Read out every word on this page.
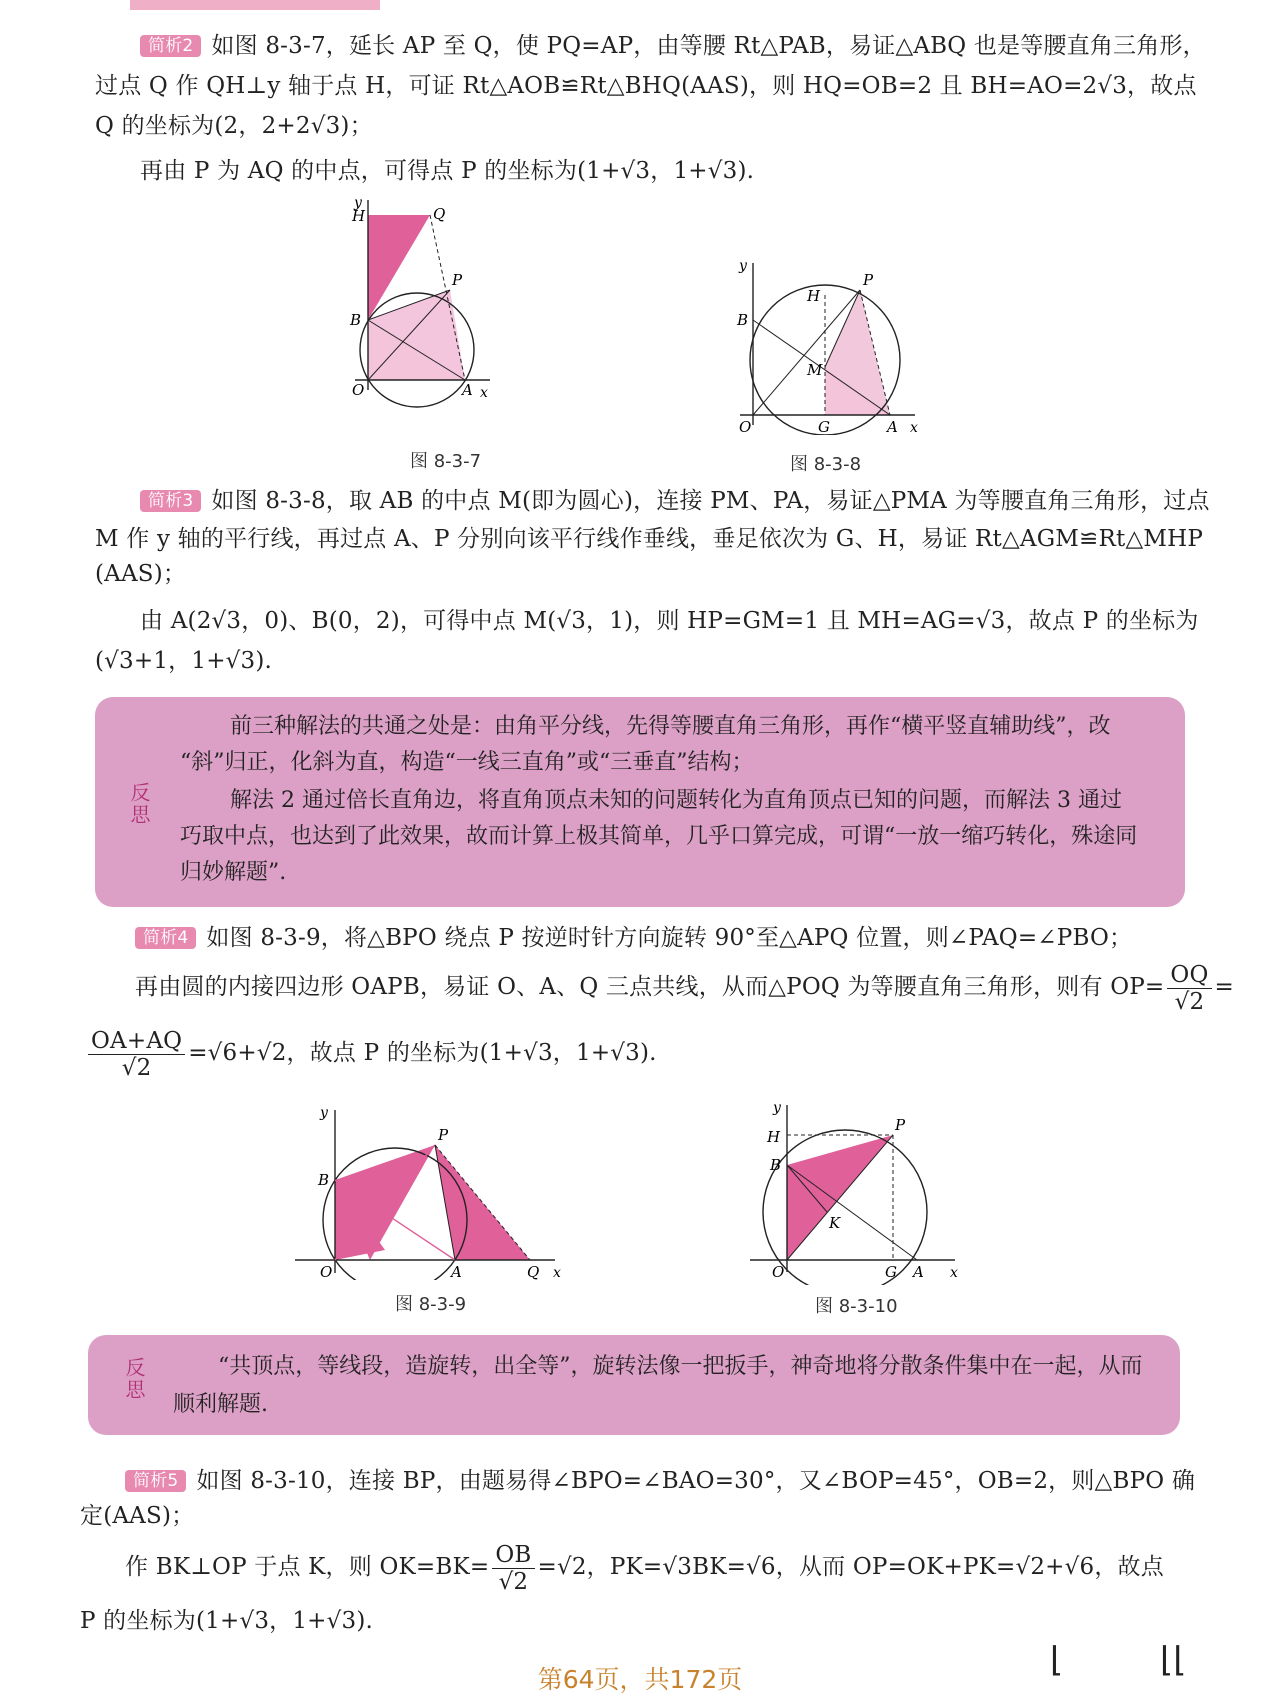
简析2 如图 8-3-7，延长 AP 至 Q，使 PQ=AP，由等腰 Rt△PAB，易证△ABQ 也是等腰直角三角形，
过点 Q 作 QH⊥y 轴于点 H，可证 Rt△AOB≌Rt△BHQ(AAS)，则 HQ=OB=2 且 BH=AO=2√3，故点
Q 的坐标为(2，2+2√3)；
再由 P 为 AQ 的中点，可得点 P 的坐标为(1+√3，1+√3).
y
x
H	Q
P
B
O	A
图 8-3-7
y
x
H
P
B
M
O	G	A
图 8-3-8
简析3 如图 8-3-8，取 AB 的中点 M(即为圆心)，连接 PM、PA，易证△PMA 为等腰直角三角形，过点
M 作 y 轴的平行线，再过点 A、P 分别向该平行线作垂线，垂足依次为 G、H，易证 Rt△AGM≌Rt△MHP
(AAS)；
由 A(2√3，0)、B(0，2)，可得中点 M(√3，1)，则 HP=GM=1 且 MH=AG=√3，故点 P 的坐标为
(√3+1，1+√3).
反思
前三种解法的共通之处是：由角平分线，先得等腰直角三角形，再作“横平竖直辅助线”，改
“斜”归正，化斜为直，构造“一线三直角”或“三垂直”结构；
解法 2 通过倍长直角边，将直角顶点未知的问题转化为直角顶点已知的问题，而解法 3 通过
巧取中点，也达到了此效果，故而计算上极其简单，几乎口算完成，可谓“一放一缩巧转化，殊途同
归妙解题”.
简析4 如图 8-3-9，将△BPO 绕点 P 按逆时针方向旋转 90°至△APQ 位置，则∠PAQ=∠PBO；
再由圆的内接四边形 OAPB，易证 O、A、Q 三点共线，从而△POQ 为等腰直角三角形，则有 $OP= \frac{OQ}{√2}$ =
$\frac{OA+AQ}{√2} =√6+√2$，故点 P 的坐标为(1+√3，1+√3).
y
x
P
B
O	A	Q
图 8-3-9
y
x
H
P
B
K
O	G A
图 8-3-10
反思	“共顶点，等线段，造旋转，出全等”，旋转法像一把扳手，神奇地将分散条件集中在一起，从而
顺利解题.
简析5 如图 8-3-10，连接 BP，由题易得∠BPO=∠BAO=30°，又∠BOP=45°，OB=2，则△BPO 确
定(AAS)；
作 BK⊥OP 于点 K，则 $OK=BK= \frac{OB}{√2} =√2$，PK=√3BK=√6，从而 OP=OK+PK=√2+√6，故点
P 的坐标为(1+√3，1+√3).
⌊	⌊⌊
第64页，共172页
